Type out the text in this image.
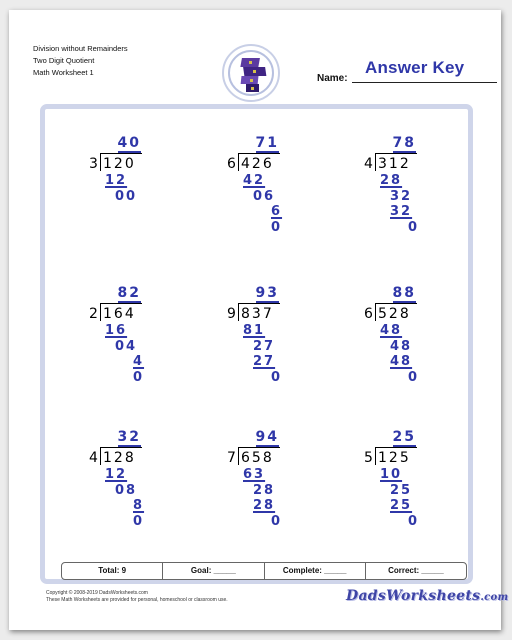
Division without Remainders
Two Digit Quotient
Math Worksheet 1
Name:
Answer Key
40
3 120
12
00
71
6 426
42
06
6
0
78
4 312
28
32
32
0
82
2 164
16
04
4
0
93
9 837
81
27
27
0
88
6 528
48
48
48
0
32
4 128
12
08
8
0
94
7 658
63
28
28
0
25
5 125
10
25
25
0
Total: 9	Goal: _____	Complete: _____	Correct: _____
Copyright © 2008-2019 DadsWorksheets.com
These Math Worksheets are provided for personal, homeschool or classroom use.	DadsWorksheets.com
